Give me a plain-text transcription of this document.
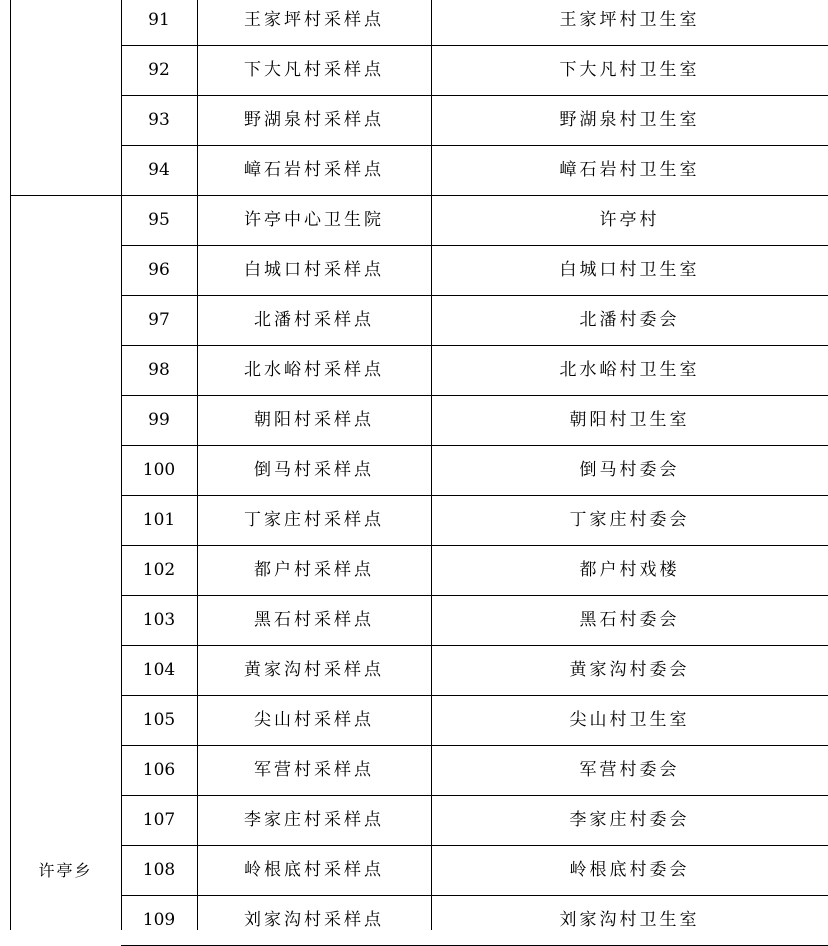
许亭乡
91	王家坪村采样点	王家坪村卫生室
92	下大凡村采样点	下大凡村卫生室
93	野湖泉村采样点	野湖泉村卫生室
94	嶂石岩村采样点	嶂石岩村卫生室
95	许亭中心卫生院	许亭村
96	白城口村采样点	白城口村卫生室
97	北潘村采样点	北潘村委会
98	北水峪村采样点	北水峪村卫生室
99	朝阳村采样点	朝阳村卫生室
100	倒马村采样点	倒马村委会
101	丁家庄村采样点	丁家庄村委会
102	都户村采样点	都户村戏楼
103	黑石村采样点	黑石村委会
104	黄家沟村采样点	黄家沟村委会
105	尖山村采样点	尖山村卫生室
106	军营村采样点	军营村委会
107	李家庄村采样点	李家庄村委会
108	岭根底村采样点	岭根底村委会
109	刘家沟村采样点	刘家沟村卫生室
